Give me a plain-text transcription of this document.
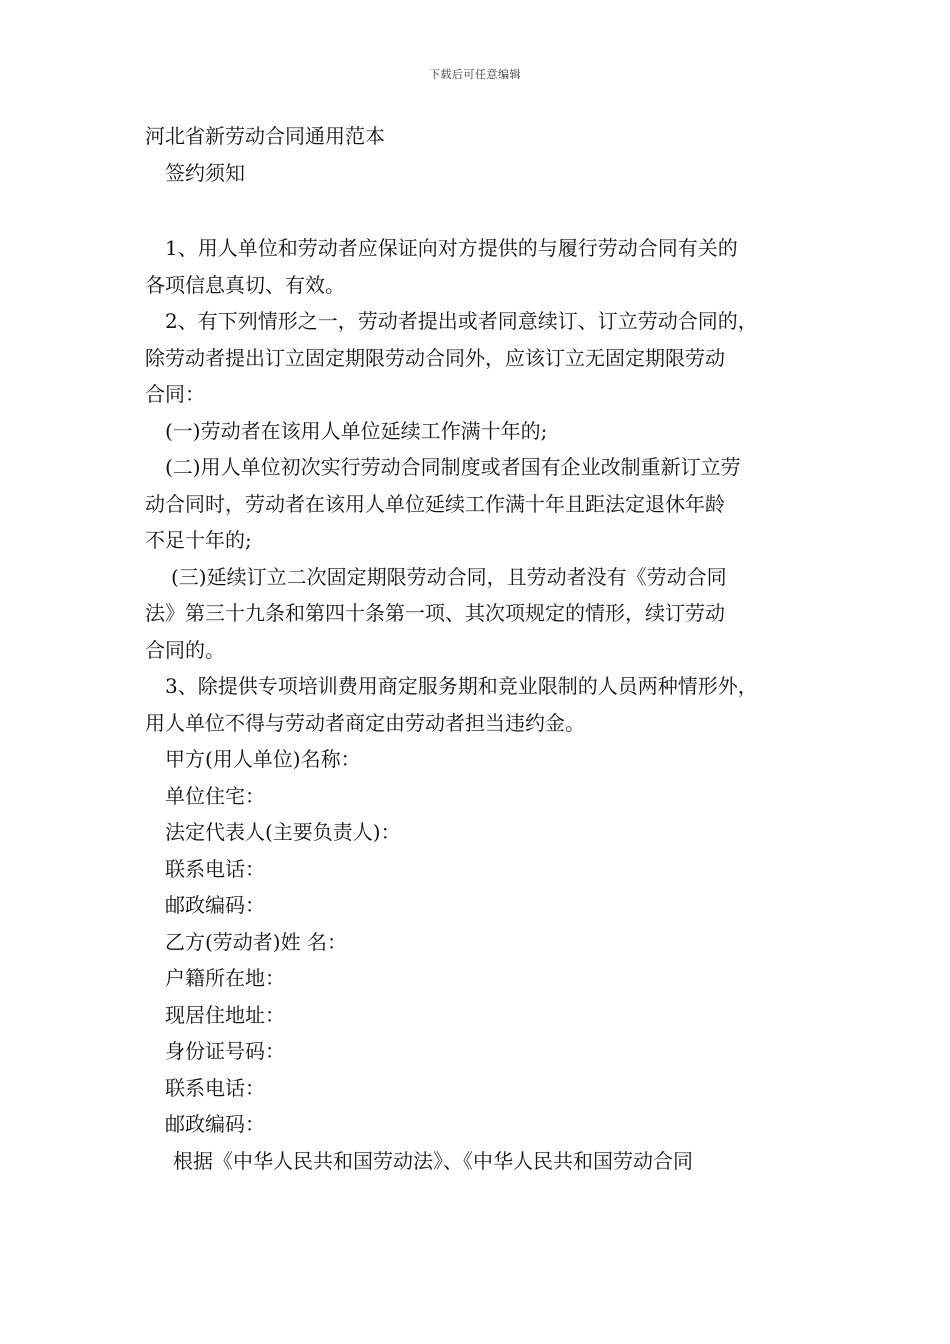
下载后可任意编辑
河北省新劳动合同通用范本
签约须知
1、用人单位和劳动者应保证向对方提供的与履行劳动合同有关的
各项信息真切、有效。
2、有下列情形之一，劳动者提出或者同意续订、订立劳动合同的，
除劳动者提出订立固定期限劳动合同外，应该订立无固定期限劳动
合同：
(一)劳动者在该用人单位延续工作满十年的;
(二)用人单位初次实行劳动合同制度或者国有企业改制重新订立劳
动合同时，劳动者在该用人单位延续工作满十年且距法定退休年龄
不足十年的;
(三)延续订立二次固定期限劳动合同，且劳动者没有《劳动合同
法》第三十九条和第四十条第一项、其次项规定的情形，续订劳动
合同的。
3、除提供专项培训费用商定服务期和竞业限制的人员两种情形外，
用人单位不得与劳动者商定由劳动者担当违约金。
甲方(用人单位)名称：
单位住宅：
法定代表人(主要负责人)：
联系电话：
邮政编码：
乙方(劳动者)姓 名：
户籍所在地：
现居住地址：
身份证号码：
联系电话：
邮政编码：
根据《中华人民共和国劳动法》、《中华人民共和国劳动合同
